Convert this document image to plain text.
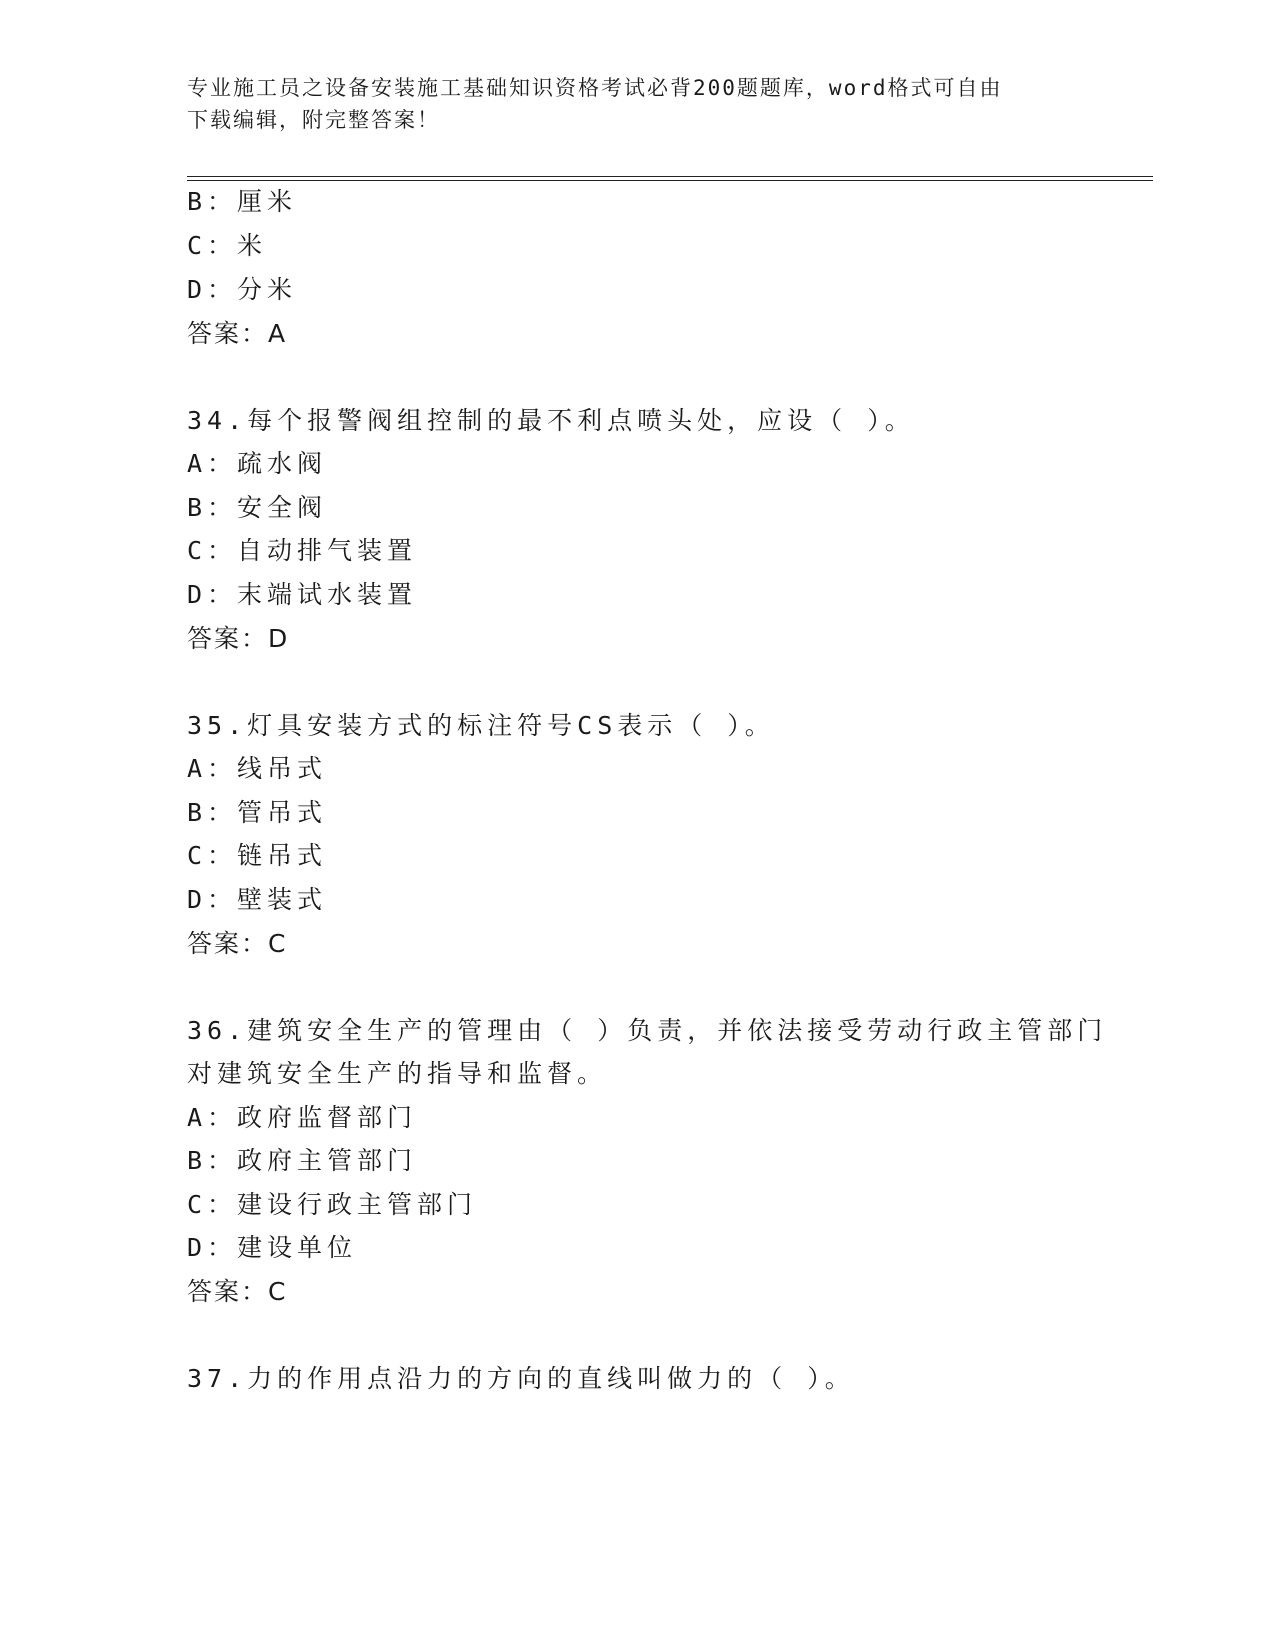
专业施工员之设备安装施工基础知识资格考试必背200题题库，word格式可自由
下载编辑，附完整答案！
B：厘米
C：米
D：分米
答案：A
34.每个报警阀组控制的最不利点喷头处，应设（ ）。
A：疏水阀
B：安全阀
C：自动排气装置
D：末端试水装置
答案：D
35.灯具安装方式的标注符号CS表示（ ）。
A：线吊式
B：管吊式
C：链吊式
D：壁装式
答案：C
36.建筑安全生产的管理由（ ）负责，并依法接受劳动行政主管部门
对建筑安全生产的指导和监督。
A：政府监督部门
B：政府主管部门
C：建设行政主管部门
D：建设单位
答案：C
37.力的作用点沿力的方向的直线叫做力的（ ）。
